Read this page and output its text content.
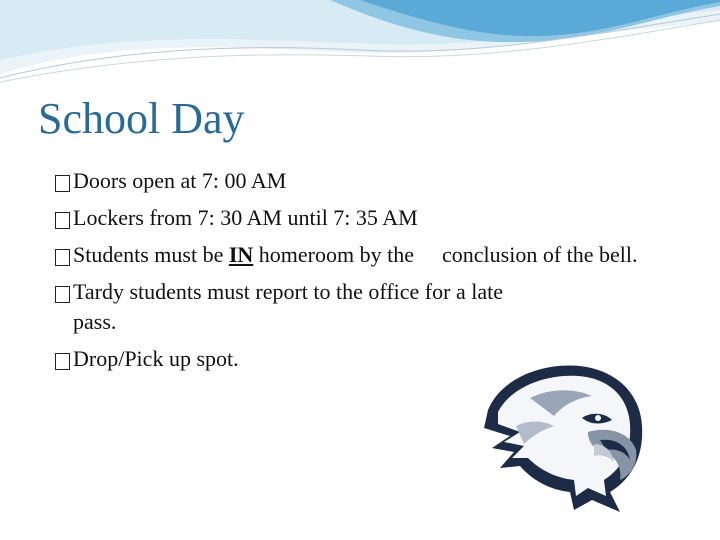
School Day
Doors open at 7: 00 AM
Lockers from 7: 30 AM until 7: 35 AM
Students must be IN homeroom by the conclusion of the bell.
Tardy students must report to the office for a late pass.
Drop/Pick up spot.
